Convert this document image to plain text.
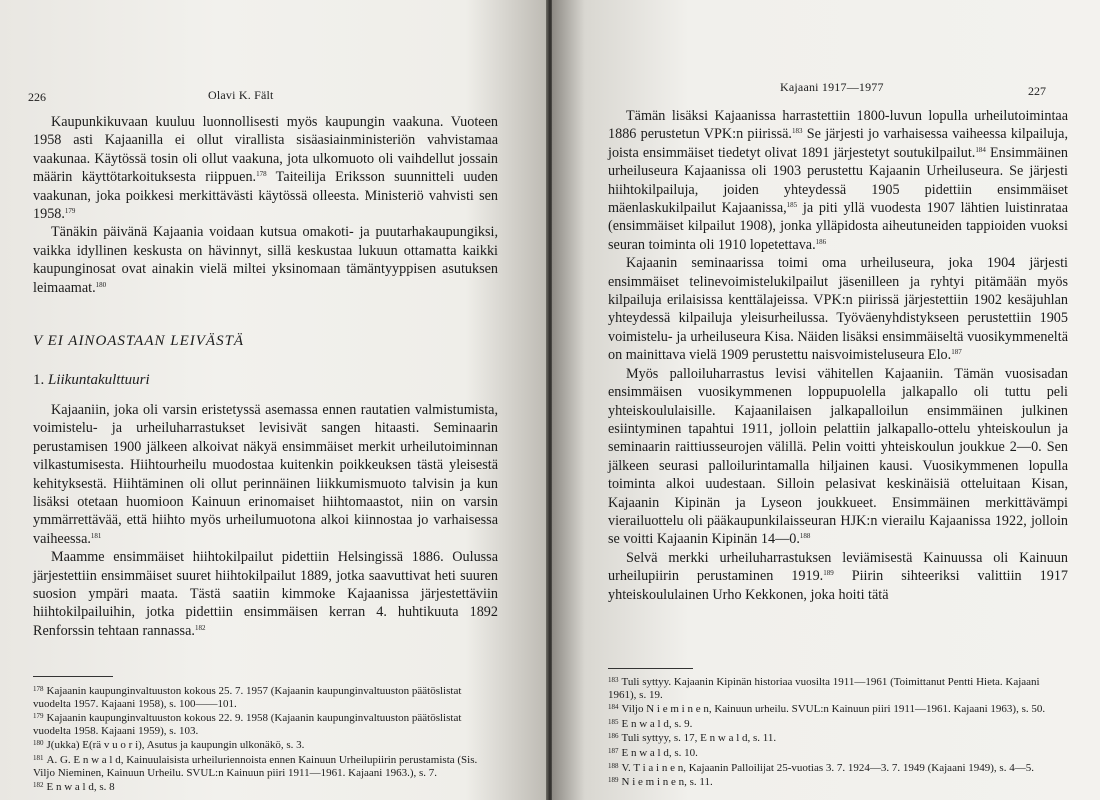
226	Olavi K. Fält

Kaupunkikuvaan kuuluu luonnollisesti myös kaupungin vaakuna. Vuoteen 1958 asti Kajaanilla ei ollut virallista sisäasiainministeriön vahvistamaa vaakunaa. Käytössä tosin oli ollut vaakuna, jota ulkomuoto oli vaihdellut jossain määrin käyttötarkoituksesta riippuen.$^{178}$ Taiteilija Eriksson suunnitteli uuden vaakunan, joka poikkesi merkittävästi käytössä olleesta. Ministeriö vahvisti sen 1958.$^{179}$

Tänäkin päivänä Kajaania voidaan kutsua omakoti- ja puutarhakaupungiksi, vaikka idyllinen keskusta on hävinnyt, sillä keskustaa lukuun ottamatta kaikki kaupunginosat ovat ainakin vielä miltei yksinomaan tämäntyyppisen asutuksen leimaamat.$^{180}$

V EI AINOASTAAN LEIVÄSTÄ
1. Liikuntakulttuuri

Kajaaniin, joka oli varsin eristetyssä asemassa ennen rautatien valmistumista, voimistelu- ja urheiluharrastukset levisivät sangen hitaasti. Seminaarin perustamisen 1900 jälkeen alkoivat näkyä ensimmäiset merkit urheilutoiminnan vilkastumisesta. Hiihtourheilu muodostaa kuitenkin poikkeuksen tästä yleisestä kehityksestä. Hiihtäminen oli ollut perinnäinen liikkumismuoto talvisin ja kun lisäksi otetaan huomioon Kainuun erinomaiset hiihtomaastot, niin on varsin ymmärrettävää, että hiihto myös urheilumuotona alkoi kiinnostaa jo varhaisessa vaiheessa.$^{181}$

Maamme ensimmäiset hiihtokilpailut pidettiin Helsingissä 1886. Oulussa järjestettiin ensimmäiset suuret hiihtokilpailut 1889, jotka saavuttivat heti suuren suosion ympäri maata. Tästä saatiin kimmoke Kajaanissa järjestettäviin hiihtokilpailuihin, jotka pidettiin ensimmäisen kerran 4. huhtikuuta 1892 Renforssin tehtaan rannassa.$^{182}$

$^{178}$ Kajaanin kaupunginvaltuuston kokous 25. 7. 1957 (Kajaanin kaupunginvaltuuston päätöslistat vuodelta 1957. Kajaani 1958), s. 100——101.

$^{179}$ Kajaanin kaupunginvaltuuston kokous 22. 9. 1958 (Kajaanin kaupunginvaltuuston päätöslistat vuodelta 1958. Kajaani 1959), s. 103.

$^{180}$ J(ukka) E(rä v u o r i), Asutus ja kaupungin ulkonäkö, s. 3.

$^{181}$ A. G. E n w a l d, Kainuulaisista urheiluriennoista ennen Kainuun Urheilupiirin perustamista (Sis. Viljo Nieminen, Kainuun Urheilu. SVUL:n Kainuun piiri 1911—1961. Kajaani 1963.), s. 7.

$^{182}$ E n w a l d, s. 8

Kajaani 1917—1977	227

Tämän lisäksi Kajaanissa harrastettiin 1800-luvun lopulla urheilutoimintaa 1886 perustetun VPK:n piirissä.$^{183}$ Se järjesti jo varhaisessa vaiheessa kilpailuja, joista ensimmäiset tiedetyt olivat 1891 järjestetyt soutukilpailut.$^{184}$ Ensimmäinen urheiluseura Kajaanissa oli 1903 perustettu Kajaanin Urheiluseura. Se järjesti hiihtokilpailuja, joiden yhteydessä 1905 pidettiin ensimmäiset mäenlaskukilpailut Kajaanissa,$^{185}$ ja piti yllä vuodesta 1907 lähtien luistinrataa (ensimmäiset kilpailut 1908), jonka ylläpidosta aiheutuneiden tappioiden vuoksi seuran toiminta oli 1910 lopetettava.$^{186}$

Kajaanin seminaarissa toimi oma urheiluseura, joka 1904 järjesti ensimmäiset telinevoimistelukilpailut jäsenilleen ja ryhtyi pitämään myös kilpailuja erilaisissa kenttälajeissa. VPK:n piirissä järjestettiin 1902 kesäjuhlan yhteydessä kilpailuja yleisurheilussa. Työväenyhdistykseen perustettiin 1905 voimistelu- ja urheiluseura Kisa. Näiden lisäksi ensimmäiseltä vuosikymmeneltä on mainittava vielä 1909 perustettu naisvoimisteluseura Elo.$^{187}$

Myös palloiluharrastus levisi vähitellen Kajaaniin. Tämän vuosisadan ensimmäisen vuosikymmenen loppupuolella jalkapallo oli tuttu peli yhteiskoululaisille. Kajaanilaisen jalkapalloilun ensimmäinen julkinen esiintyminen tapahtui 1911, jolloin pelattiin jalkapallo-ottelu yhteiskoulun ja seminaarin raittiusseurojen välillä. Pelin voitti yhteiskoulun joukkue 2—0. Sen jälkeen seurasi palloilurintamalla hiljainen kausi. Vuosikymmenen lopulla toiminta alkoi uudestaan. Silloin pelasivat keskinäisiä otteluitaan Kisan, Kajaanin Kipinän ja Lyseon joukkueet. Ensimmäinen merkittävämpi vierailuottelu oli pääkaupunkilaisseuran HJK:n vierailu Kajaanissa 1922, jolloin se voitti Kajaanin Kipinän 14—0.$^{188}$

Selvä merkki urheiluharrastuksen leviämisestä Kainuussa oli Kainuun urheilupiirin perustaminen 1919.$^{189}$ Piirin sihteeriksi valittiin 1917 yhteiskoululainen Urho Kekkonen, joka hoiti tätä

$^{183}$ Tuli syttyy. Kajaanin Kipinän historiaa vuosilta 1911—1961 (Toimittanut Pentti Hieta. Kajaani 1961), s. 19.

$^{184}$ Viljo N i e m i n e n, Kainuun urheilu. SVUL:n Kainuun piiri 1911—1961. Kajaani 1963), s. 50.

$^{185}$ E n w a l d, s. 9.

$^{186}$ Tuli syttyy, s. 17, E n w a l d, s. 11.

$^{187}$ E n w a l d, s. 10.

$^{188}$ V. T i a i n e n, Kajaanin Palloilijat 25-vuotias 3. 7. 1924—3. 7. 1949 (Kajaani 1949), s. 4—5.

$^{189}$ N i e m i n e n, s. 11.
